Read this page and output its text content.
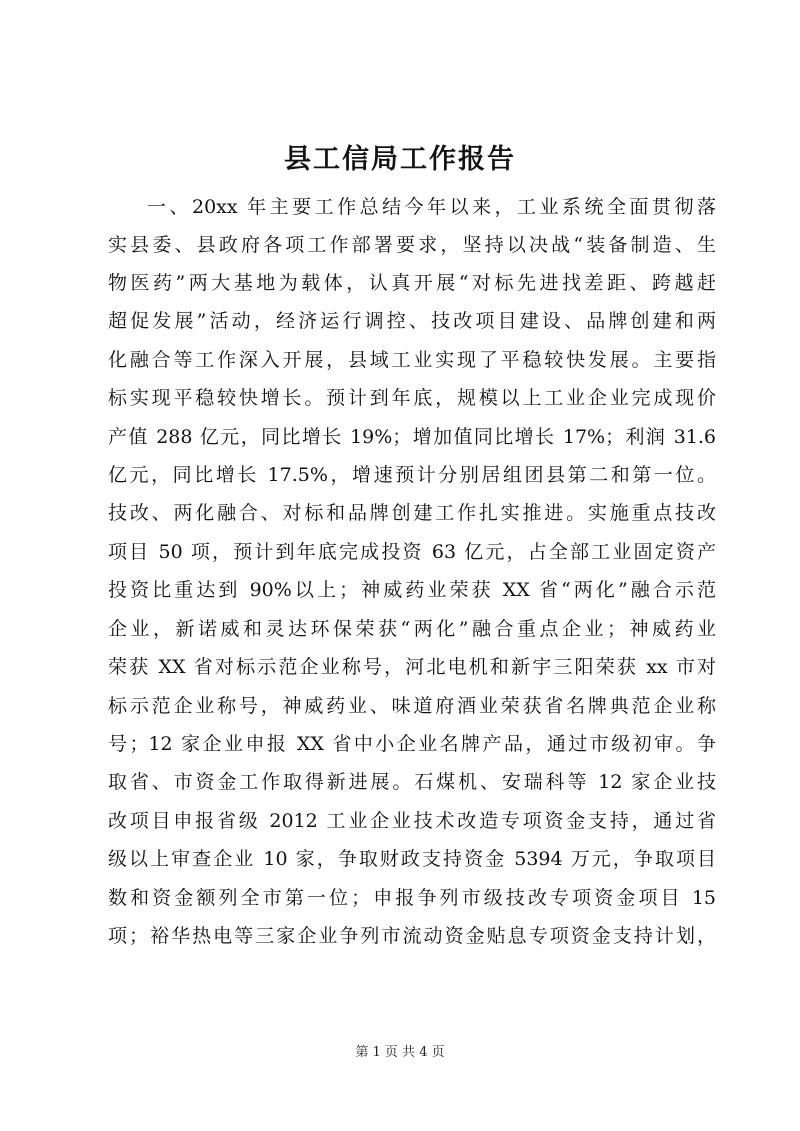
县工信局工作报告
一、20xx 年主要工作总结今年以来，工业系统全面贯彻落
实县委、县政府各项工作部署要求，坚持以决战“装备制造、生
物医药”两大基地为载体，认真开展“对标先进找差距、跨越赶
超促发展”活动，经济运行调控、技改项目建设、品牌创建和两
化融合等工作深入开展，县域工业实现了平稳较快发展。主要指
标实现平稳较快增长。预计到年底，规模以上工业企业完成现价
产值 288 亿元，同比增长 19%；增加值同比增长 17%；利润 31.6
亿元，同比增长 17.5%，增速预计分别居组团县第二和第一位。
技改、两化融合、对标和品牌创建工作扎实推进。实施重点技改
项目 50 项，预计到年底完成投资 63 亿元，占全部工业固定资产
投资比重达到 90%以上；神威药业荣获 XX 省“两化”融合示范
企业，新诺威和灵达环保荣获“两化”融合重点企业；神威药业
荣获 XX 省对标示范企业称号，河北电机和新宇三阳荣获 xx 市对
标示范企业称号，神威药业、味道府酒业荣获省名牌典范企业称
号；12 家企业申报 XX 省中小企业名牌产品，通过市级初审。争
取省、市资金工作取得新进展。石煤机、安瑞科等 12 家企业技
改项目申报省级 2012 工业企业技术改造专项资金支持，通过省
级以上审查企业 10 家，争取财政支持资金 5394 万元，争取项目
数和资金额列全市第一位；申报争列市级技改专项资金项目 15
项；裕华热电等三家企业争列市流动资金贴息专项资金支持计划，
第 1 页 共 4 页
